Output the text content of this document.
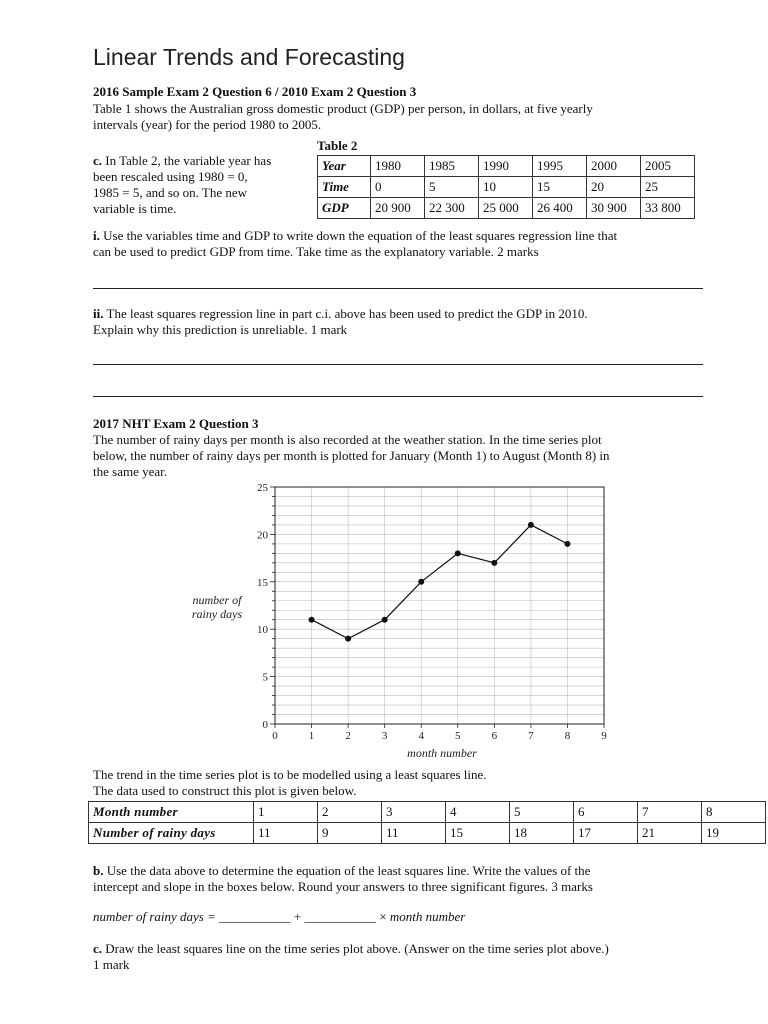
Linear Trends and Forecasting

2016 Sample Exam 2 Question 6 / 2010 Exam 2 Question 3

Table 1 shows the Australian gross domestic product (GDP) per person, in dollars, at five yearly

intervals (year) for the period 1980 to 2005.

Table 2

c. In Table 2, the variable year has

been rescaled using 1980 = 0,

1985 = 5, and so on. The new

variable is time.

Year	1980	1985	1990	1995	2000	2005
Time	0	5	10	15	20	25
GDP	20 900	22 300	25 000	26 400	30 900	33 800

i. Use the variables time and GDP to write down the equation of the least squares regression line that

can be used to predict GDP from time. Take time as the explanatory variable. 2 marks

ii. The least squares regression line in part c.i. above has been used to predict the GDP in 2010.

Explain why this prediction is unreliable. 1 mark

2017 NHT Exam 2 Question 3

The number of rainy days per month is also recorded at the weather station. In the time series plot

below, the number of rainy days per month is plotted for January (Month 1) to August (Month 8) in

the same year.

0
5
10
15
20
25
0	1	2	3	4	5	6	7	8	9
number of
rainy days
month number

The trend in the time series plot is to be modelled using a least squares line.

The data used to construct this plot is given below.

Month number	1	2	3	4	5	6	7	8
Number of rainy days	11	9	11	15	18	17	21	19

b. Use the data above to determine the equation of the least squares line. Write the values of the

intercept and slope in the boxes below. Round your answers to three significant figures. 3 marks

number of rainy days = ___________ + ___________ × month number

c. Draw the least squares line on the time series plot above. (Answer on the time series plot above.)

1 mark
